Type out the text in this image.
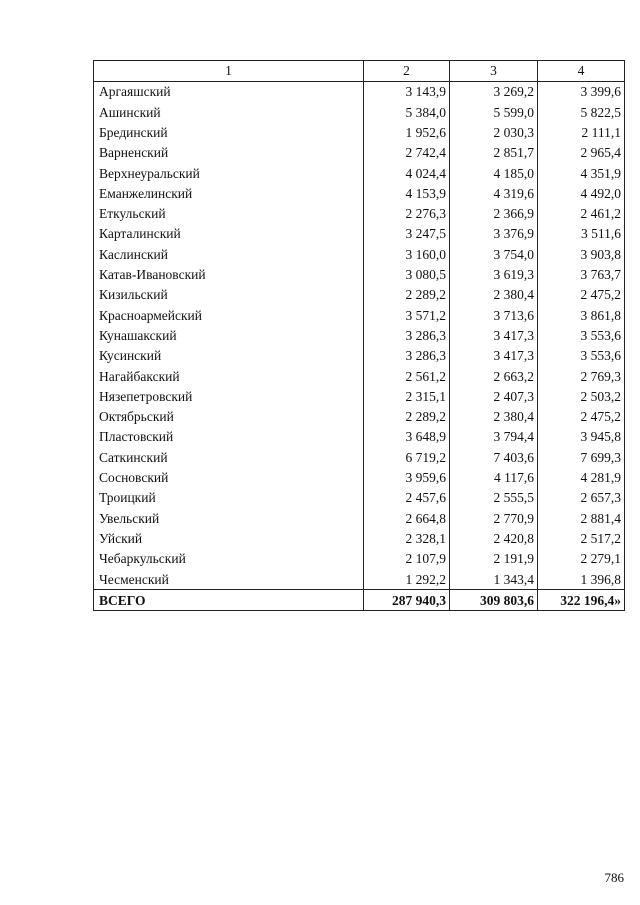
1	2	3	4
Аргаяшский	3 143,9	3 269,2	3 399,6
Ашинский	5 384,0	5 599,0	5 822,5
Брединский	1 952,6	2 030,3	2 111,1
Варненский	2 742,4	2 851,7	2 965,4
Верхнеуральский	4 024,4	4 185,0	4 351,9
Еманжелинский	4 153,9	4 319,6	4 492,0
Еткульский	2 276,3	2 366,9	2 461,2
Карталинский	3 247,5	3 376,9	3 511,6
Каслинский	3 160,0	3 754,0	3 903,8
Катав-Ивановский	3 080,5	3 619,3	3 763,7
Кизильский	2 289,2	2 380,4	2 475,2
Красноармейский	3 571,2	3 713,6	3 861,8
Кунашакский	3 286,3	3 417,3	3 553,6
Кусинский	3 286,3	3 417,3	3 553,6
Нагайбакский	2 561,2	2 663,2	2 769,3
Нязепетровский	2 315,1	2 407,3	2 503,2
Октябрьский	2 289,2	2 380,4	2 475,2
Пластовский	3 648,9	3 794,4	3 945,8
Саткинский	6 719,2	7 403,6	7 699,3
Сосновский	3 959,6	4 117,6	4 281,9
Троицкий	2 457,6	2 555,5	2 657,3
Увельский	2 664,8	2 770,9	2 881,4
Уйский	2 328,1	2 420,8	2 517,2
Чебаркульский	2 107,9	2 191,9	2 279,1
Чесменский	1 292,2	1 343,4	1 396,8
ВСЕГО	287 940,3	309 803,6	322 196,4»
786
